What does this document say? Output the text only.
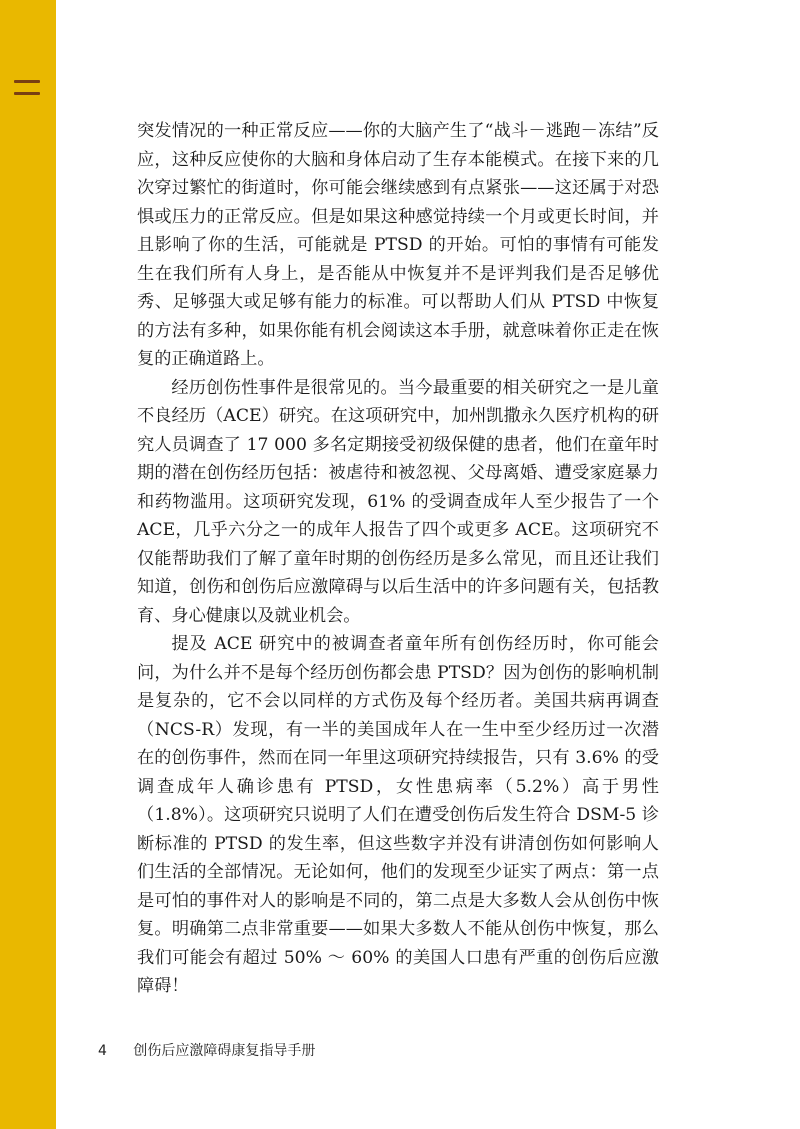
突发情况的一种正常反应——你的大脑产生了“战斗－逃跑－冻结”反应，这种反应使你的大脑和身体启动了生存本能模式。在接下来的几次穿过繁忙的街道时，你可能会继续感到有点紧张——这还属于对恐惧或压力的正常反应。但是如果这种感觉持续一个月或更长时间，并且影响了你的生活，可能就是 PTSD 的开始。可怕的事情有可能发生在我们所有人身上，是否能从中恢复并不是评判我们是否足够优秀、足够强大或足够有能力的标准。可以帮助人们从 PTSD 中恢复的方法有多种，如果你能有机会阅读这本手册，就意味着你正走在恢复的正确道路上。

经历创伤性事件是很常见的。当今最重要的相关研究之一是儿童不良经历（ACE）研究。在这项研究中，加州凯撒永久医疗机构的研究人员调查了 17 000 多名定期接受初级保健的患者，他们在童年时期的潜在创伤经历包括：被虐待和被忽视、父母离婚、遭受家庭暴力和药物滥用。这项研究发现，61% 的受调查成年人至少报告了一个 ACE，几乎六分之一的成年人报告了四个或更多 ACE。这项研究不仅能帮助我们了解了童年时期的创伤经历是多么常见，而且还让我们知道，创伤和创伤后应激障碍与以后生活中的许多问题有关，包括教育、身心健康以及就业机会。

提及 ACE 研究中的被调查者童年所有创伤经历时，你可能会问，为什么并不是每个经历创伤都会患 PTSD？因为创伤的影响机制是复杂的，它不会以同样的方式伤及每个经历者。美国共病再调查（NCS-R）发现，有一半的美国成年人在一生中至少经历过一次潜在的创伤事件，然而在同一年里这项研究持续报告，只有 3.6% 的受调查成年人确诊患有 PTSD，女性患病率（5.2%）高于男性（1.8%）。这项研究只说明了人们在遭受创伤后发生符合 DSM-5 诊断标准的 PTSD 的发生率，但这些数字并没有讲清创伤如何影响人们生活的全部情况。无论如何，他们的发现至少证实了两点：第一点是可怕的事件对人的影响是不同的，第二点是大多数人会从创伤中恢复。明确第二点非常重要——如果大多数人不能从创伤中恢复，那么我们可能会有超过 50% ～ 60% 的美国人口患有严重的创伤后应激障碍！

4 创伤后应激障碍康复指导手册
